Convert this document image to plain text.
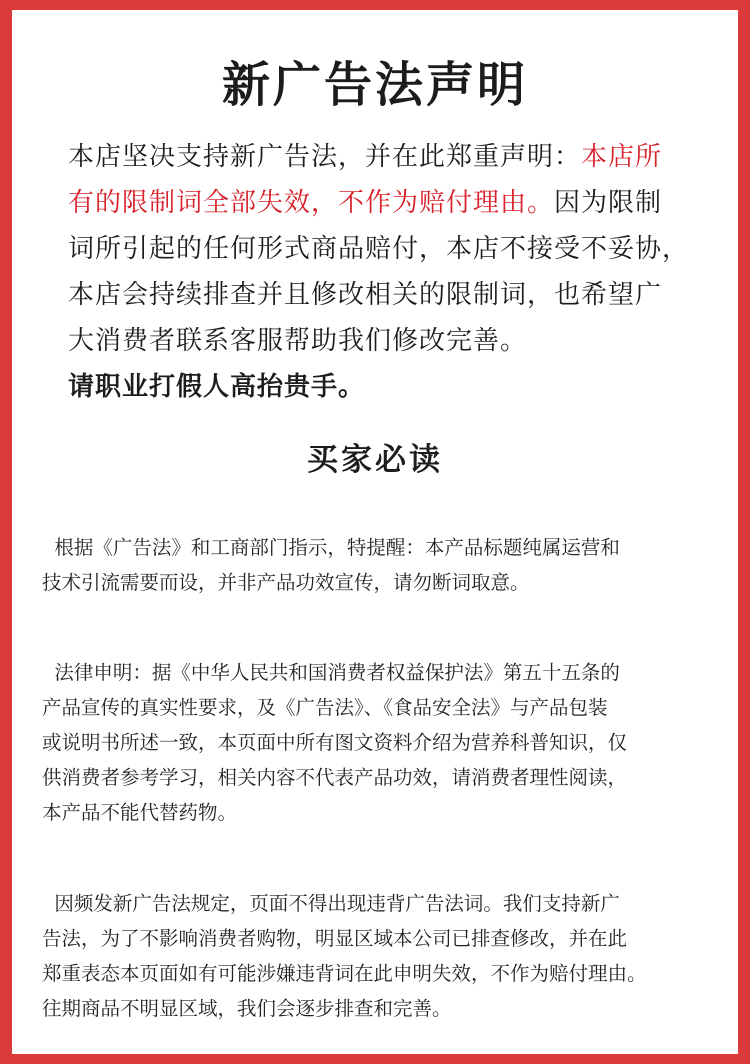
新广告法声明
本店坚决支持新广告法，并在此郑重声明：本店所
有的限制词全部失效，不作为赔付理由。因为限制
词所引起的任何形式商品赔付，本店不接受不妥协，
本店会持续排查并且修改相关的限制词，也希望广
大消费者联系客服帮助我们修改完善。
请职业打假人高抬贵手。
买家必读
根据《广告法》和工商部门指示，特提醒：本产品标题纯属运营和
技术引流需要而设，并非产品功效宣传，请勿断词取意。
法律申明：据《中华人民共和国消费者权益保护法》第五十五条的
产品宣传的真实性要求，及《广告法》、《食品安全法》与产品包装
或说明书所述一致，本页面中所有图文资料介绍为营养科普知识，仅
供消费者参考学习，相关内容不代表产品功效，请消费者理性阅读，
本产品不能代替药物。
因频发新广告法规定，页面不得出现违背广告法词。我们支持新广
告法，为了不影响消费者购物，明显区域本公司已排查修改，并在此
郑重表态本页面如有可能涉嫌违背词在此申明失效，不作为赔付理由。
往期商品不明显区域，我们会逐步排查和完善。
